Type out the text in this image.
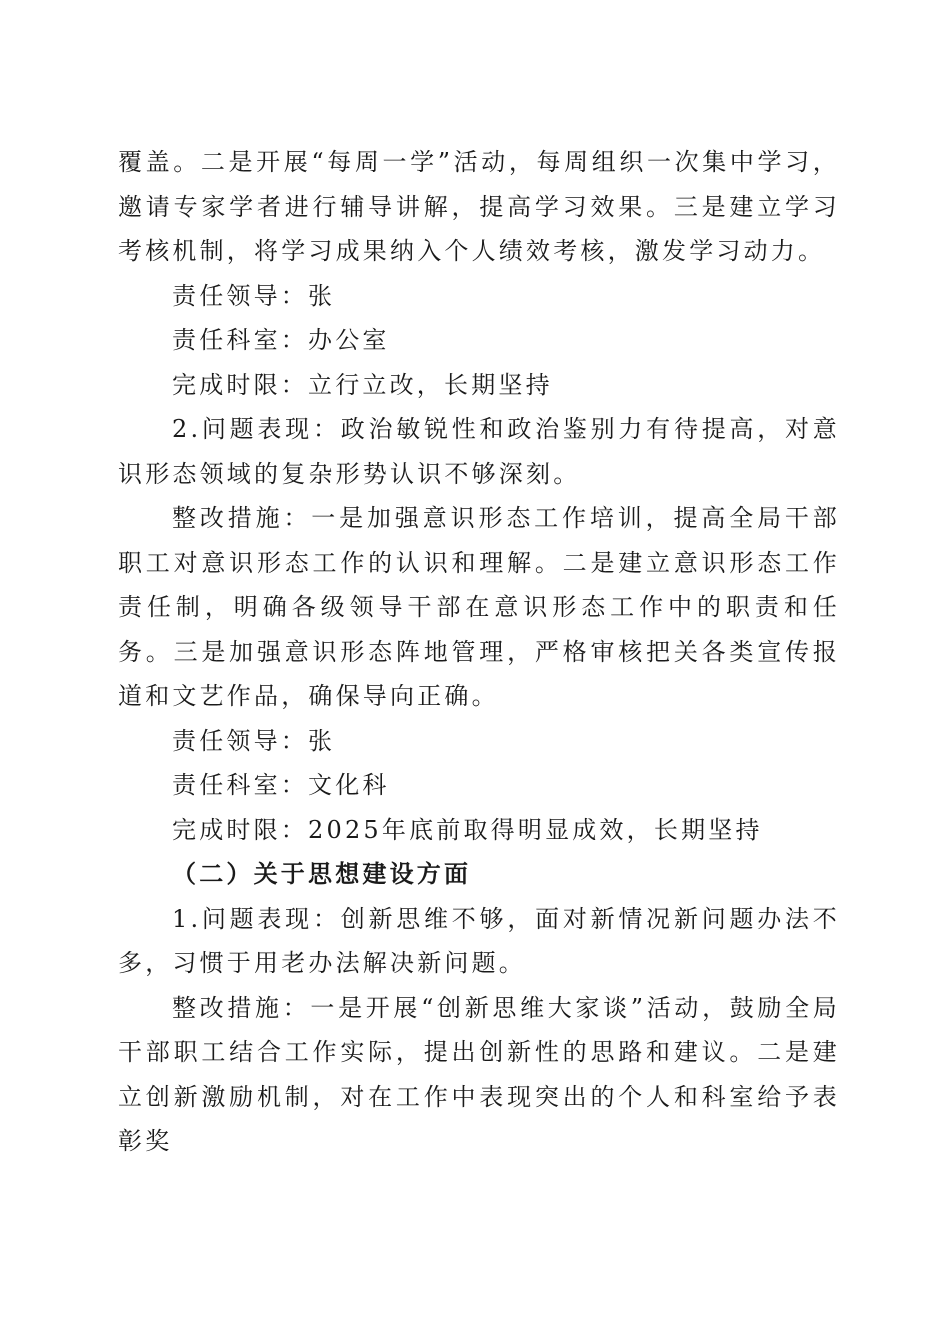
覆盖。二是开展“每周一学”活动，每周组织一次集中学习，邀请专家学者进行辅导讲解，提高学习效果。三是建立学习考核机制，将学习成果纳入个人绩效考核，激发学习动力。

责任领导：张

责任科室：办公室

完成时限：立行立改，长期坚持

2.问题表现：政治敏锐性和政治鉴别力有待提高，对意识形态领域的复杂形势认识不够深刻。

整改措施：一是加强意识形态工作培训，提高全局干部职工对意识形态工作的认识和理解。二是建立意识形态工作责任制，明确各级领导干部在意识形态工作中的职责和任务。三是加强意识形态阵地管理，严格审核把关各类宣传报道和文艺作品，确保导向正确。

责任领导：张

责任科室：文化科

完成时限：2025年底前取得明显成效，长期坚持

（二）关于思想建设方面

1.问题表现：创新思维不够，面对新情况新问题办法不多，习惯于用老办法解决新问题。

整改措施：一是开展“创新思维大家谈”活动，鼓励全局干部职工结合工作实际，提出创新性的思路和建议。二是建立创新激励机制，对在工作中表现突出的个人和科室给予表彰奖
